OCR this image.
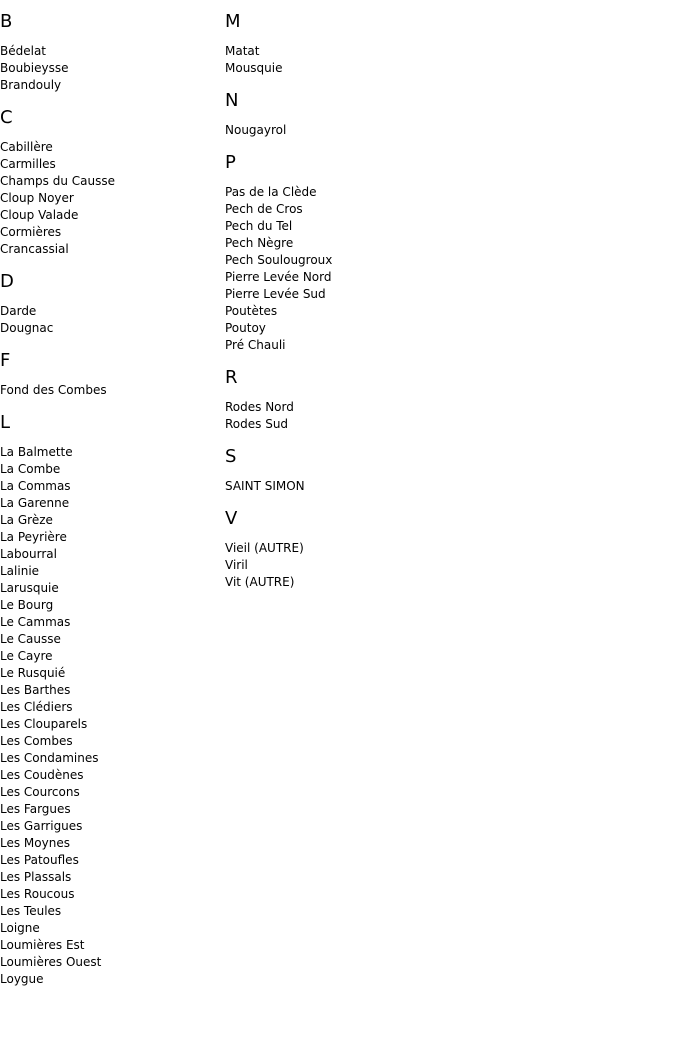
B
Bédelat
Boubieysse
Brandouly
C
Cabillère
Carmilles
Champs du Causse
Cloup Noyer
Cloup Valade
Cormières
Crancassial
D
Darde
Dougnac
F
Fond des Combes
L
La Balmette
La Combe
La Commas
La Garenne
La Grèze
La Peyrière
Labourral
Lalinie
Larusquie
Le Bourg
Le Cammas
Le Causse
Le Cayre
Le Rusquié
Les Barthes
Les Clédiers
Les Clouparels
Les Combes
Les Condamines
Les Coudènes
Les Courcons
Les Fargues
Les Garrigues
Les Moynes
Les Patoufles
Les Plassals
Les Roucous
Les Teules
Loigne
Loumières Est
Loumières Ouest
Loygue
M
Matat
Mousquie
N
Nougayrol
P
Pas de la Clède
Pech de Cros
Pech du Tel
Pech Nègre
Pech Soulougroux
Pierre Levée Nord
Pierre Levée Sud
Poutètes
Poutoy
Pré Chauli
R
Rodes Nord
Rodes Sud
S
SAINT SIMON
V
Vieil (AUTRE)
Viril
Vit (AUTRE)
